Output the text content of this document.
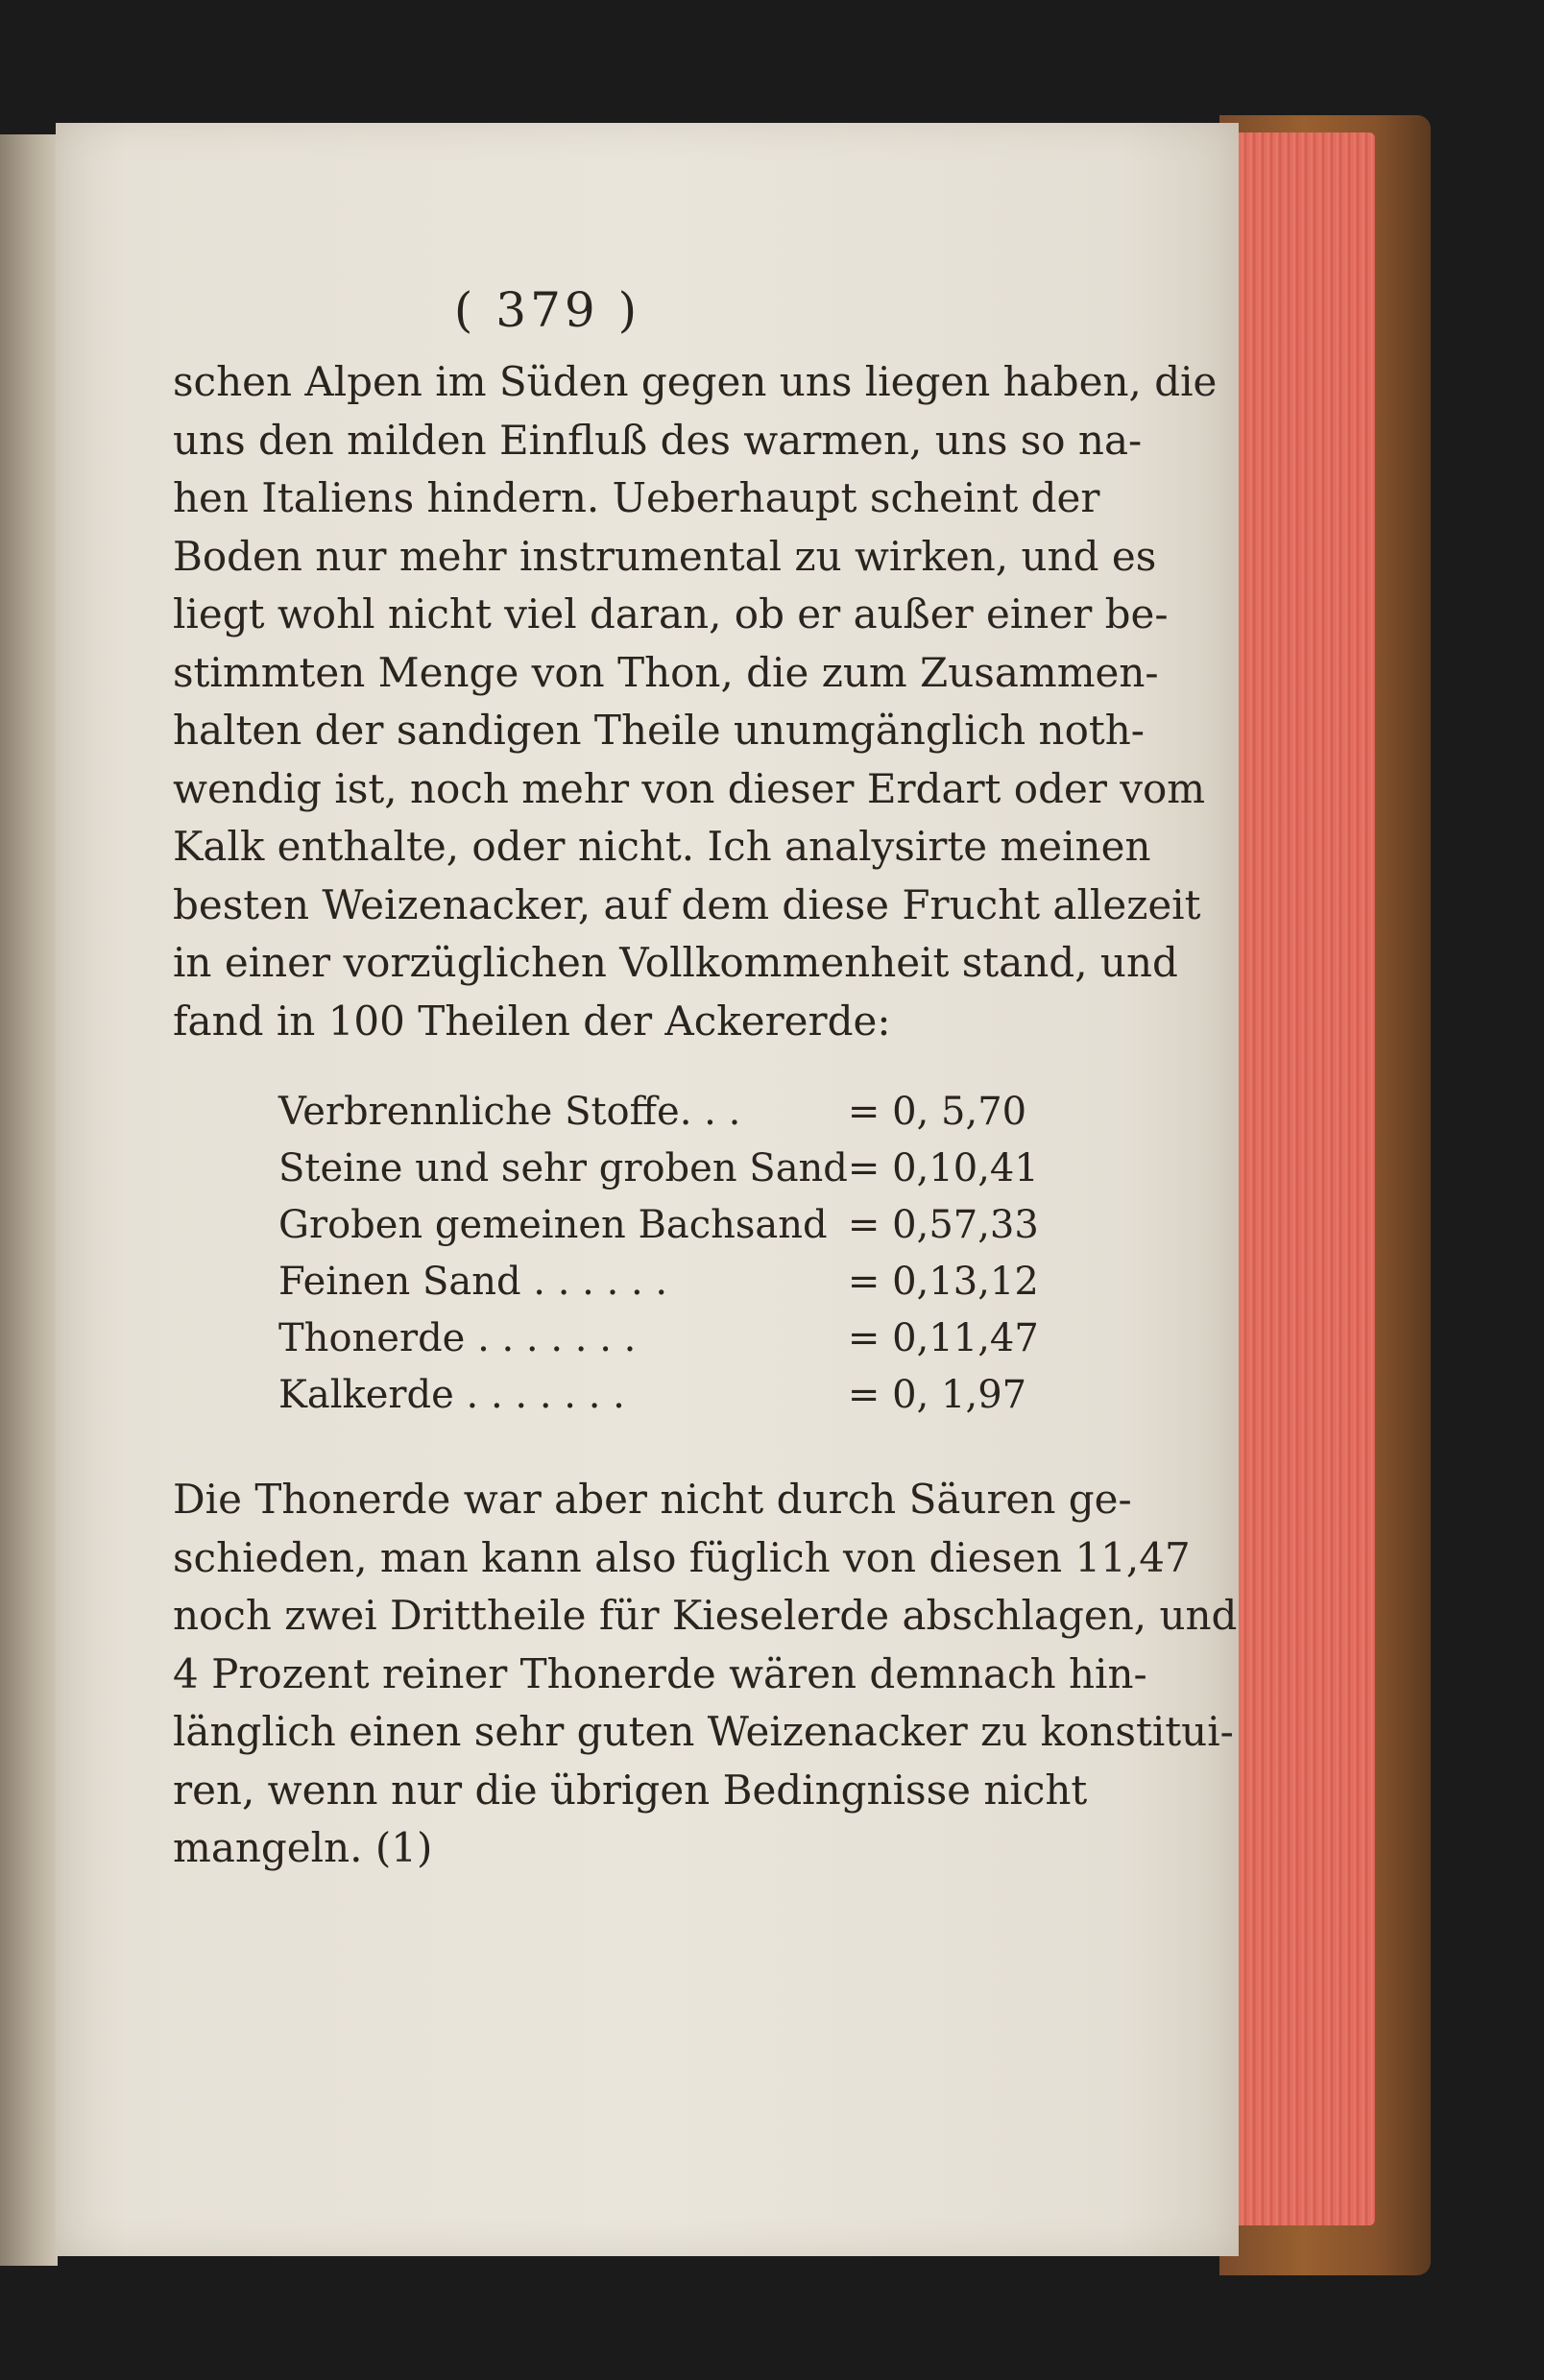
( 379 )

schen Alpen im Süden gegen uns liegen haben, die
uns den milden Einfluß des warmen, uns so na-
hen Italiens hindern. Ueberhaupt scheint der
Boden nur mehr instrumental zu wirken, und es
liegt wohl nicht viel daran, ob er außer einer be-
stimmten Menge von Thon, die zum Zusammen-
halten der sandigen Theile unumgänglich noth-
wendig ist, noch mehr von dieser Erdart oder vom
Kalk enthalte, oder nicht. Ich analysirte meinen
besten Weizenacker, auf dem diese Frucht allezeit
in einer vorzüglichen Vollkommenheit stand, und
fand in 100 Theilen der Ackererde:

Verbrennliche Stoffe. . .	= 0, 5,70
Steine und sehr groben Sand	= 0,10,41
Groben gemeinen Bachsand	= 0,57,33
Feinen Sand . . . . . .	= 0,13,12
Thonerde . . . . . . .	= 0,11,47
Kalkerde . . . . . . .	= 0, 1,97

Die Thonerde war aber nicht durch Säuren ge-
schieden, man kann also füglich von diesen 11,47
noch zwei Drittheile für Kieselerde abschlagen, und
4 Prozent reiner Thonerde wären demnach hin-
länglich einen sehr guten Weizenacker zu konstitui-
ren, wenn nur die übrigen Bedingnisse nicht
mangeln. (1)
